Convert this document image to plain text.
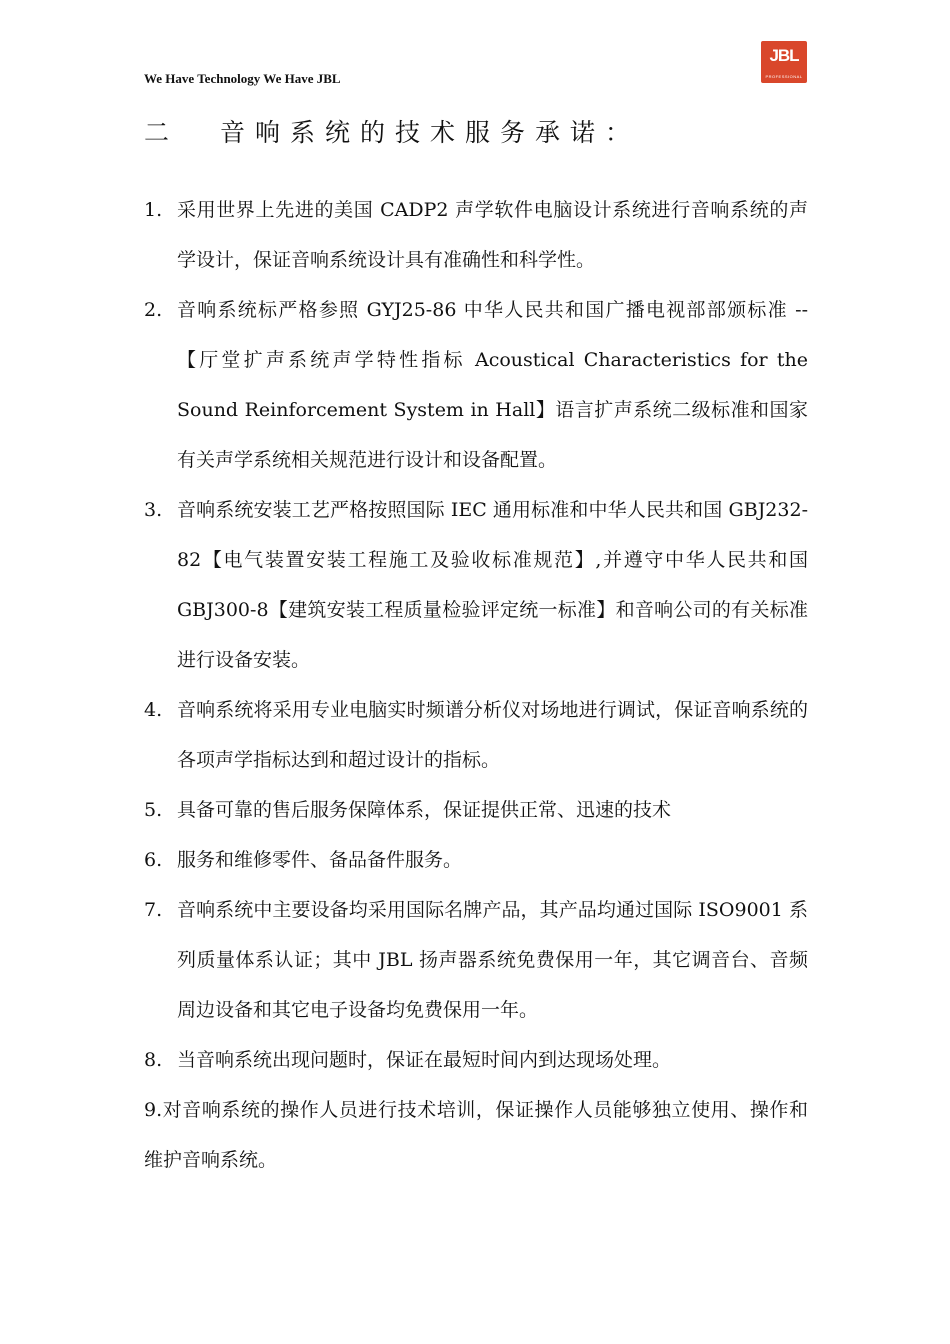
We Have Technology We Have JBL
JBL
PROFESSIONAL
二 音响系统的技术服务承诺：
1. 采用世界上先进的美国 CADP2 声学软件电脑设计系统进行音响系统的声学设计，保证音响系统设计具有准确性和科学性。
2. 音响系统标严格参照 GYJ25-86 中华人民共和国广播电视部部颁标准 --【厅堂扩声系统声学特性指标 Acoustical Characteristics for the Sound Reinforcement System in Hall】语言扩声系统二级标准和国家有关声学系统相关规范进行设计和设备配置。
3. 音响系统安装工艺严格按照国际 IEC 通用标准和中华人民共和国 GBJ232-82【电气装置安装工程施工及验收标准规范】,并遵守中华人民共和国 GBJ300-8【建筑安装工程质量检验评定统一标准】和音响公司的有关标准进行设备安装。
4. 音响系统将采用专业电脑实时频谱分析仪对场地进行调试，保证音响系统的各项声学指标达到和超过设计的指标。
5. 具备可靠的售后服务保障体系，保证提供正常、迅速的技术
6. 服务和维修零件、备品备件服务。
7. 音响系统中主要设备均采用国际名牌产品，其产品均通过国际 ISO9001 系列质量体系认证；其中 JBL 扬声器系统免费保用一年，其它调音台、音频周边设备和其它电子设备均免费保用一年。
8. 当音响系统出现问题时，保证在最短时间内到达现场处理。
9.对音响系统的操作人员进行技术培训，保证操作人员能够独立使用、操作和维护音响系统。
